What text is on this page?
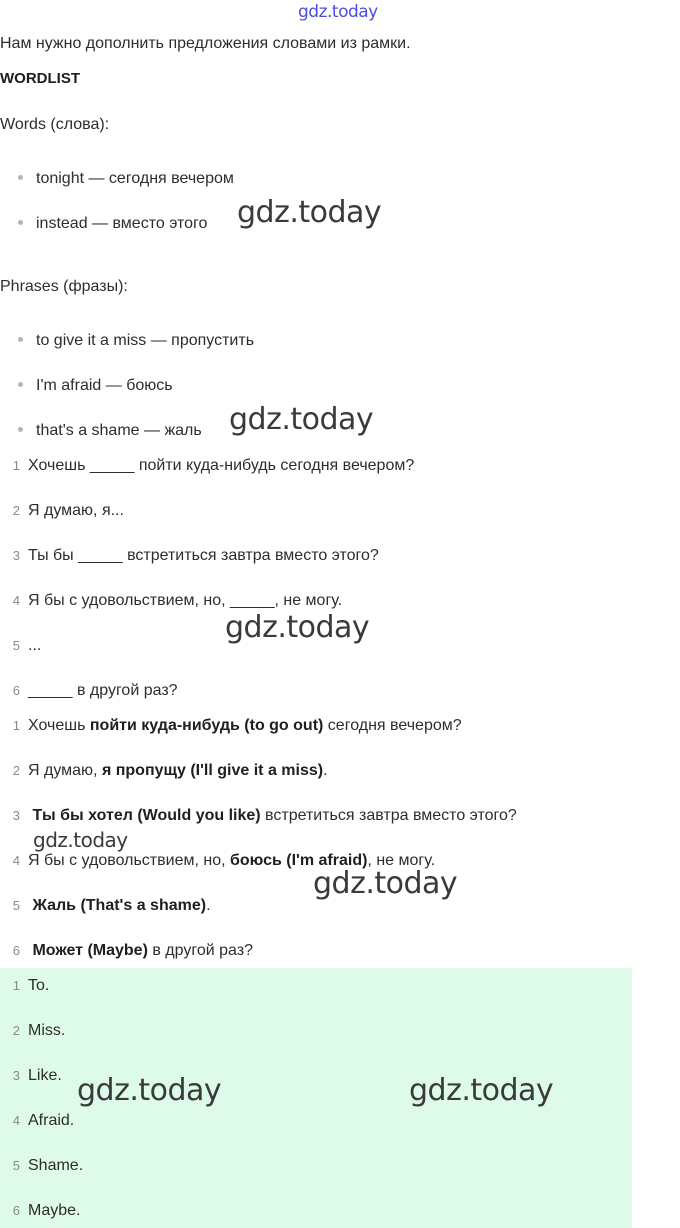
gdz.today
Нам нужно дополнить предложения словами из рамки.
WORDLIST
Words (слова):
tonight — сегодня вечером
instead — вместо этого
Phrases (фразы):
to give it a miss — пропустить
I'm afraid — боюсь
that's a shame — жаль
1 Хочешь _____ пойти куда-нибудь сегодня вечером?
2 Я думаю, я...
3 Ты бы _____ встретиться завтра вместо этого?
4 Я бы с удовольствием, но, _____, не могу.
5 ...
6 _____ в другой раз?
1 Хочешь пойти куда-нибудь (to go out) сегодня вечером?
2 Я думаю, я пропущу (I'll give it a miss).
3 Ты бы хотел (Would you like) встретиться завтра вместо этого?
4 Я бы с удовольствием, но, боюсь (I'm afraid), не могу.
5 Жаль (That's a shame).
6 Может (Maybe) в другой раз?
1 To.
2 Miss.
3 Like.
4 Afraid.
5 Shame.
6 Maybe.
gdz.today
gdz.today
gdz.today
gdz.today
gdz.today
gdz.today	gdz.today
